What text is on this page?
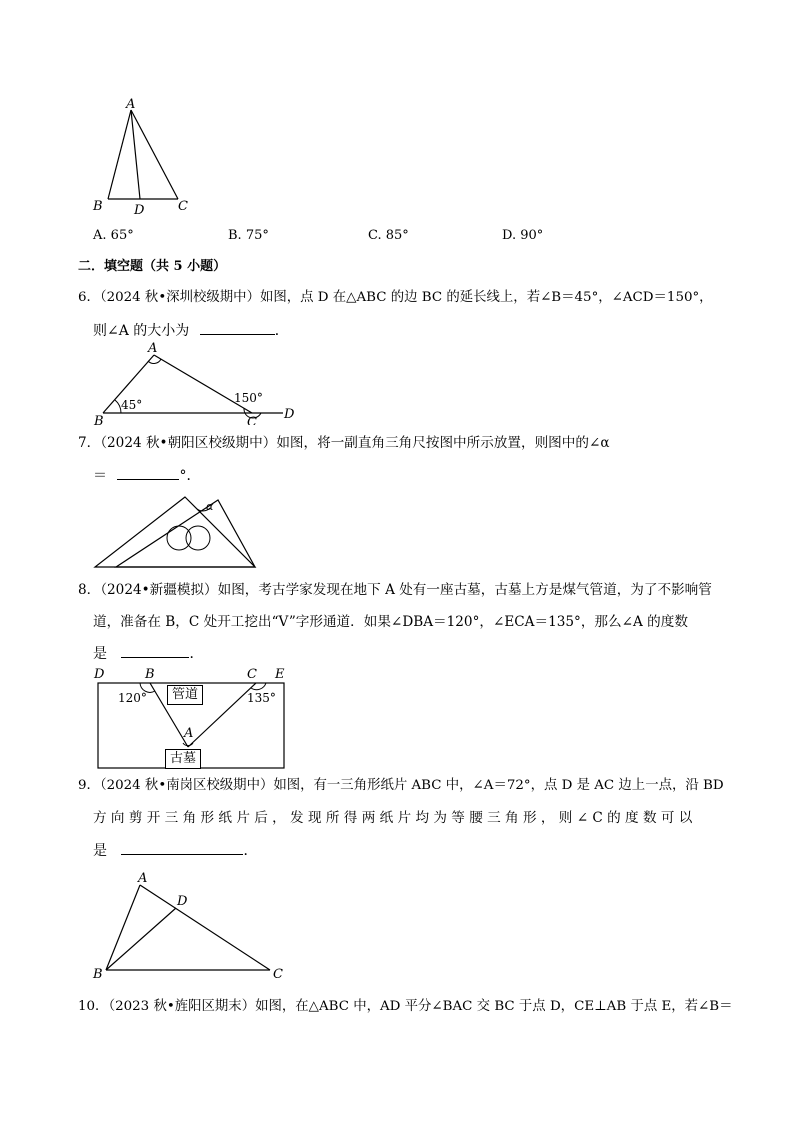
A
B D	C
A. 65°	B. 75°	C. 85°	D. 90°
二．填空题（共 5 小题）
6．（2024 秋•深圳校级期中）如图，点 D 在△ABC 的边 BC 的延长线上，若∠B＝45°，∠ACD＝150°，
则∠A 的大小为	．
A
B	C
D
45°	150°
7．（2024 秋•朝阳区校级期中）如图，将一副直角三角尺按图中所示放置，则图中的∠α
＝	°．
α
8．（2024•新疆模拟）如图，考古学家发现在地下 A 处有一座古墓，古墓上方是煤气管道，为了不影响管
道，准备在 B，C 处开工挖出“V”字形通道．如果∠DBA＝120°，∠ECA＝135°，那么∠A 的度数
是	．
D	B	C E
A
120°	135°
管道
古墓
9．（2024 秋•南岗区校级期中）如图，有一三角形纸片 ABC 中，∠A＝72°，点 D 是 AC 边上一点，沿 BD
方 向 剪 开 三 角 形 纸 片 后 ， 发 现 所 得 两 纸 片 均 为 等 腰 三 角 形 ， 则 ∠ C 的 度 数 可 以
是	．
A
D
B	C
10．（2023 秋•旌阳区期末）如图，在△ABC 中，AD 平分∠BAC 交 BC 于点 D，CE⊥AB 于点 E，若∠B＝
